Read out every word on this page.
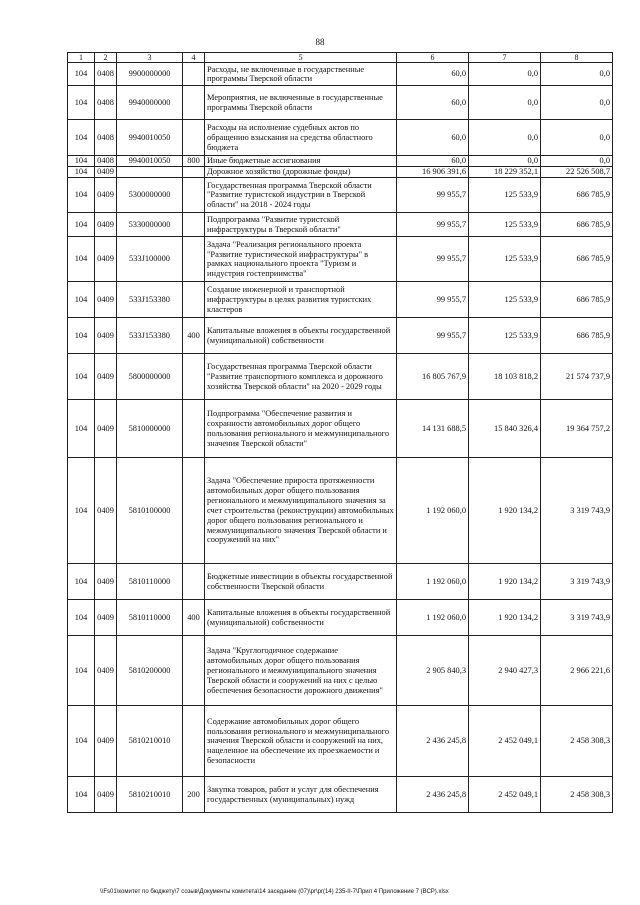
88
1	2	3	4	5	6	7	8
104	0408	9900000000		Расходы, не включенные в государственные программы Тверской области	60,0	0,0	0,0
104	0408	9940000000		Мероприятия, не включенные в государственные программы Тверской области	60,0	0,0	0,0
104	0408	9940010050		Расходы на исполнение судебных актов по обращению взыскания на средства областного бюджета	60,0	0,0	0,0
104	0408	9940010050	800	Иные бюджетные ассигнования	60,0	0,0	0,0
104	0409			Дорожное хозяйство (дорожные фонды)	16 906 391,6	18 229 352,1	22 526 508,7
104	0409	5300000000		Государственная программа Тверской области "Развитие туристской индустрии в Тверской области" на 2018 - 2024 годы	99 955,7	125 533,9	686 785,9
104	0409	5330000000		Подпрограмма "Развитие туристской инфраструктуры в Тверской области"	99 955,7	125 533,9	686 785,9
104	0409	533J100000		Задача "Реализация регионального проекта "Развитие туристической инфраструктуры" в рамках национального проекта "Туризм и индустрия гостеприимства"	99 955,7	125 533,9	686 785,9
104	0409	533J153380		Создание инженерной и транспортной инфраструктуры в целях развития туристских кластеров	99 955,7	125 533,9	686 785,9
104	0409	533J153380	400	Капитальные вложения в объекты государственной (муниципальной) собственности	99 955,7	125 533,9	686 785,9
104	0409	5800000000		Государственная программа Тверской области "Развитие транспортного комплекса и дорожного хозяйства Тверской области" на 2020 - 2029 годы	16 805 767,9	18 103 818,2	21 574 737,9
104	0409	5810000000		Подпрограмма "Обеспечение развития и сохранности автомобильных дорог общего пользования регионального и межмуниципального значения Тверской области"	14 131 688,5	15 840 326,4	19 364 757,2
104	0409	5810100000		Задача "Обеспечение прироста протяженности автомобильных дорог общего пользования регионального и межмуниципального значения за счет строительства (реконструкции) автомобильных дорог общего пользования регионального и межмуниципального значения Тверской области и сооружений на них"	1 192 060,0	1 920 134,2	3 319 743,9
104	0409	5810110000		Бюджетные инвестиции в объекты государственной собственности Тверской области	1 192 060,0	1 920 134,2	3 319 743,9
104	0409	5810110000	400	Капитальные вложения в объекты государственной (муниципальной) собственности	1 192 060,0	1 920 134,2	3 319 743,9
104	0409	5810200000		Задача "Круглогодичное содержание автомобильных дорог общего пользования регионального и межмуниципального значения Тверской области и сооружений на них с целью обеспечения безопасности дорожного движения"	2 905 840,3	2 940 427,3	2 966 221,6
104	0409	5810210010		Содержание автомобильных дорог общего пользования регионального и межмуниципального значения Тверской области и сооружений на них, нацеленное на обеспечение их проезжаемости и безопасности	2 436 245,8	2 452 049,1	2 458 308,3
104	0409	5810210010	200	Закупка товаров, работ и услуг для обеспечения государственных (муниципальных) нужд	2 436 245,8	2 452 049,1	2 458 308,3
\\Fs01\комитет по бюджету\7 созыв\Документы комитета\14 заседание (07)\pr\pr(14) 235-II-7\Прил 4 Приложение 7 (ВСР).xlsx
